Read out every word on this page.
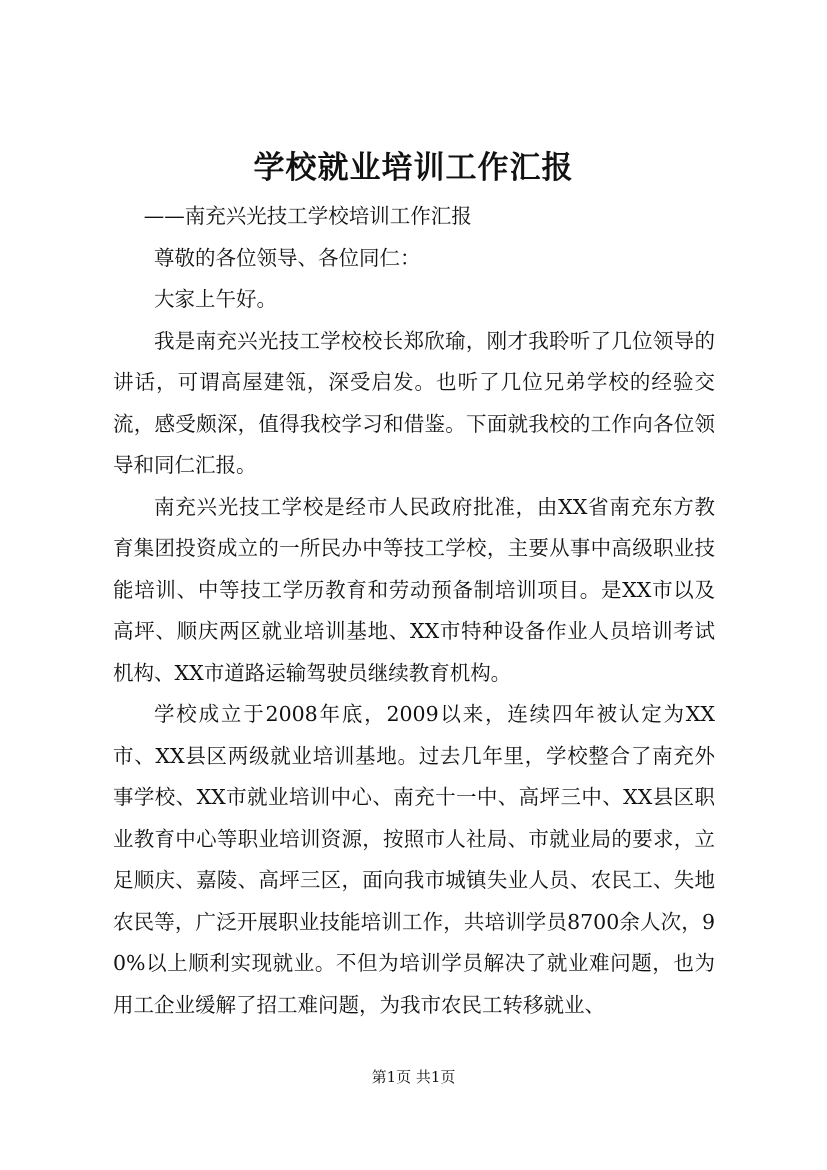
学校就业培训工作汇报

——南充兴光技工学校培训工作汇报

尊敬的各位领导、各位同仁：

大家上午好。

我是南充兴光技工学校校长郑欣瑜，刚才我聆听了几位领导的讲话，可谓高屋建瓴，深受启发。也听了几位兄弟学校的经验交流，感受颇深，值得我校学习和借鉴。下面就我校的工作向各位领导和同仁汇报。

南充兴光技工学校是经市人民政府批准，由XX省南充东方教育集团投资成立的一所民办中等技工学校，主要从事中高级职业技能培训、中等技工学历教育和劳动预备制培训项目。是XX市以及高坪、顺庆两区就业培训基地、XX市特种设备作业人员培训考试机构、XX市道路运输驾驶员继续教育机构。

学校成立于2008年底，2009以来，连续四年被认定为XX市、XX县区两级就业培训基地。过去几年里，学校整合了南充外事学校、XX市就业培训中心、南充十一中、高坪三中、XX县区职业教育中心等职业培训资源，按照市人社局、市就业局的要求，立足顺庆、嘉陵、高坪三区，面向我市城镇失业人员、农民工、失地农民等，广泛开展职业技能培训工作，共培训学员8700余人次，90%以上顺利实现就业。不但为培训学员解决了就业难问题，也为用工企业缓解了招工难问题，为我市农民工转移就业、

第1页 共1页
